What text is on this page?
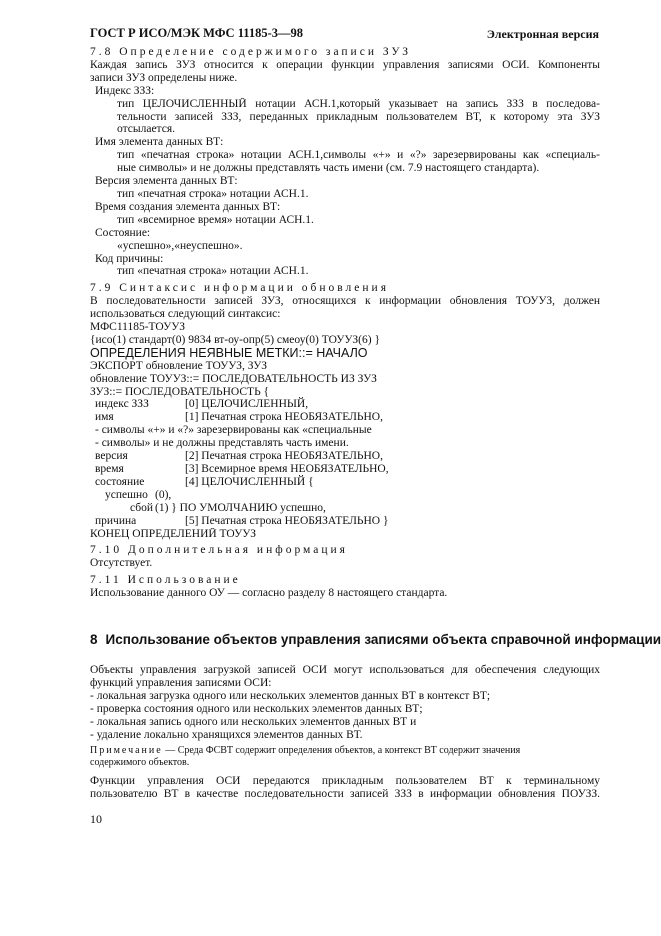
ГОСТ Р ИСО/МЭК МФС 11185-3—98	Электронная версия
7.8 Определение содержимого записи ЗУЗ
Каждая запись ЗУЗ относится к операции функции управления записями ОСИ. Компоненты
записи ЗУЗ определены ниже.
Индекс ЗЗЗ:
тип ЦЕЛОЧИСЛЕННЫЙ нотации АСН.1,который указывает на запись ЗЗЗ в последова-
тельности записей ЗЗЗ, переданных прикладным пользователем ВТ, к которому эта ЗУЗ
отсылается.
Имя элемента данных ВТ:
тип «печатная строка» нотации АСН.1,символы «+» и «?» зарезервированы как «специаль-
ные символы» и не должны представлять часть имени (см. 7.9 настоящего стандарта).
Версия элемента данных ВТ:
тип «печатная строка» нотации АСН.1.
Время создания элемента данных ВТ:
тип «всемирное время» нотации АСН.1.
Состояние:
«успешно»,«неуспешно».
Код причины:
тип «печатная строка» нотации АСН.1.
7.9 Синтаксис информации обновления
В последовательности записей ЗУЗ, относящихся к информации обновления ТОУУЗ, должен
использоваться следующий синтаксис:
МФС11185-ТОУУЗ
{исо(1) стандарт(0) 9834 вт-оу-опр(5) смеоу(0) ТОУУЗ(6) }
ОПРЕДЕЛЕНИЯ НЕЯВНЫЕ МЕТКИ::= НАЧАЛО
ЭКСПОРТ обновление ТОУУЗ, ЗУЗ
обновление ТОУУЗ::= ПОСЛЕДОВАТЕЛЬНОСТЬ ИЗ ЗУЗ
ЗУЗ::= ПОСЛЕДОВАТЕЛЬНОСТЬ {
индекс ЗЗЗ	[0] ЦЕЛОЧИСЛЕННЫЙ,
имя	[1] Печатная строка НЕОБЯЗАТЕЛЬНО,
- символы «+» и «?» зарезервированы как «специальные
- символы» и не должны представлять часть имени.
версия	[2] Печатная строка НЕОБЯЗАТЕЛЬНО,
время	[3] Всемирное время НЕОБЯЗАТЕЛЬНО,
состояние	[4] ЦЕЛОЧИСЛЕННЫЙ {
успешно (0),
сбой (1) } ПО УМОЛЧАНИЮ успешно,
причина	[5] Печатная строка НЕОБЯЗАТЕЛЬНО }
КОНЕЦ ОПРЕДЕЛЕНИЙ ТОУУЗ
7.10 Дополнительная информация
Отсутствует.
7.11 Использование
Использование данного ОУ — согласно разделу 8 настоящего стандарта.
8 Использование объектов управления записями объекта справочной информации
Объекты управления загрузкой записей ОСИ могут использоваться для обеспечения следующих
функций управления записями ОСИ:
- локальная загрузка одного или нескольких элементов данных ВТ в контекст ВТ;
- проверка состояния одного или нескольких элементов данных ВТ;
- локальная запись одного или нескольких элементов данных ВТ и
- удаление локально хранящихся элементов данных ВТ.
Примечание — Среда ФСВТ содержит определения объектов, а контекст ВТ содержит значения
содержимого объектов.
Функции управления ОСИ передаются прикладным пользователем ВТ к терминальному
пользователю ВТ в качестве последовательности записей ЗЗЗ в информации обновления ПОУЗЗ.
10
